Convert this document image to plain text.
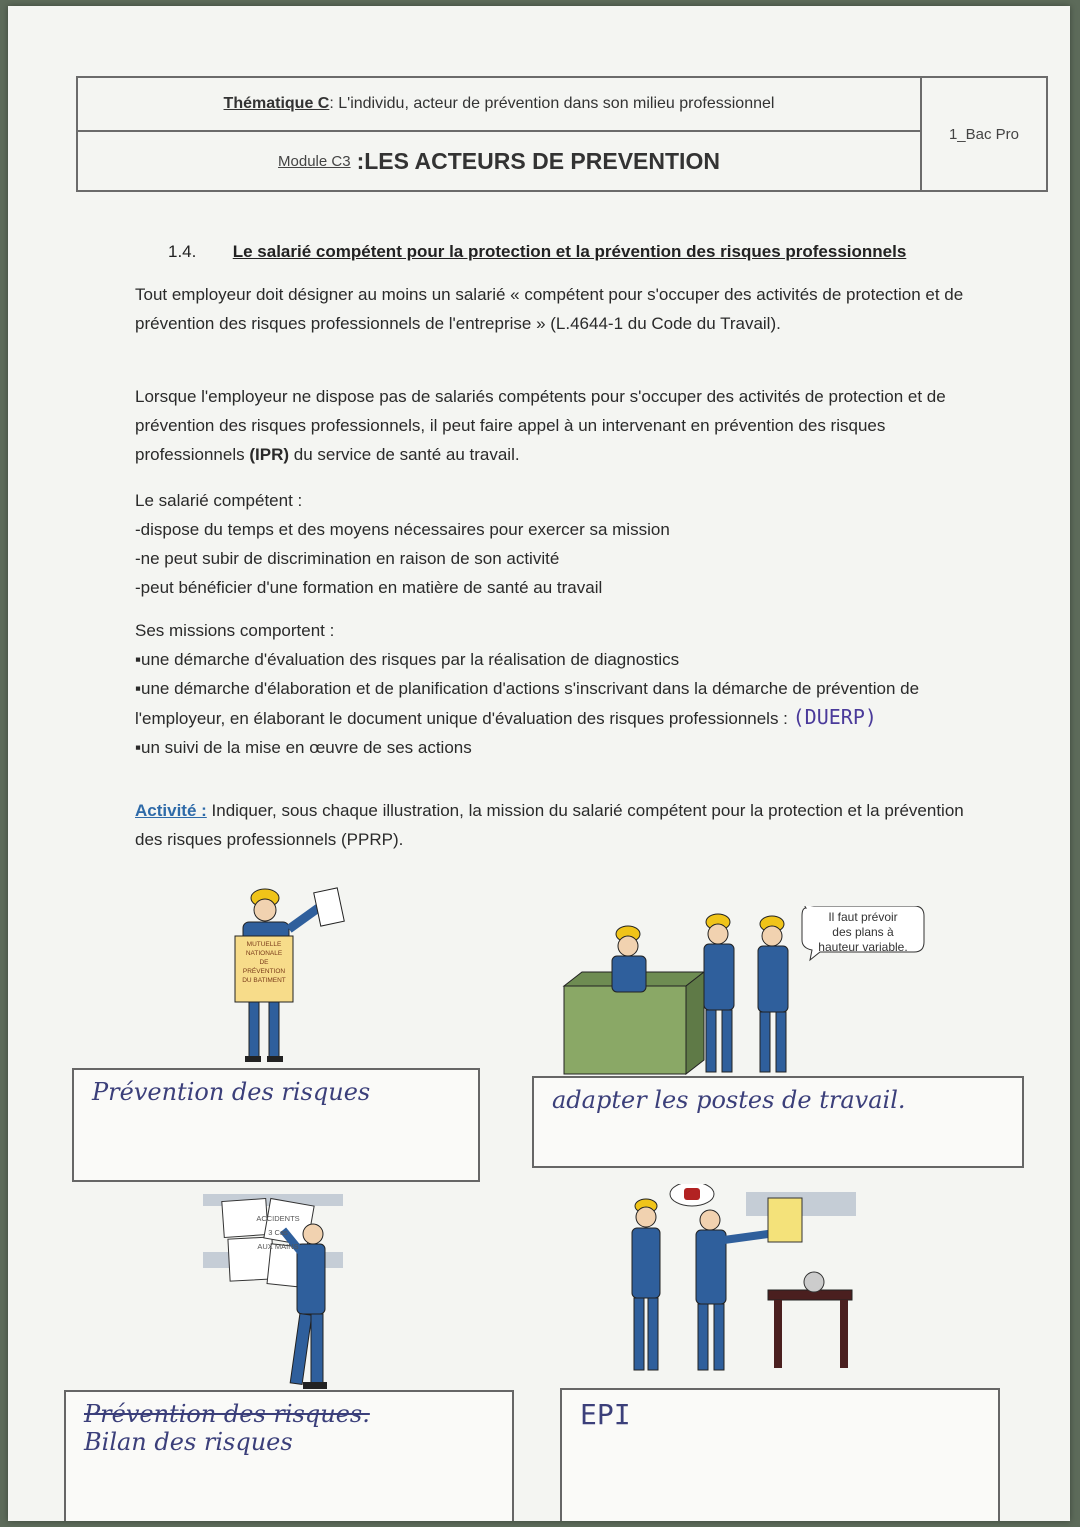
Thématique C : L'individu, acteur de prévention dans son milieu professionnel
Module C3 : LES ACTEURS DE PREVENTION
1_Bac Pro
1.4. Le salarié compétent pour la protection et la prévention des risques professionnels
Tout employeur doit désigner au moins un salarié « compétent pour s'occuper des activités de protection et de prévention des risques professionnels de l'entreprise » (L.4644-1 du Code du Travail).
Lorsque l'employeur ne dispose pas de salariés compétents pour s'occuper des activités de protection et de prévention des risques professionnels, il peut faire appel à un intervenant en prévention des risques professionnels (IPR) du service de santé au travail.
Le salarié compétent :
-dispose du temps et des moyens nécessaires pour exercer sa mission
-ne peut subir de discrimination en raison de son activité
-peut bénéficier d'une formation en matière de santé au travail
Ses missions comportent :
▪une démarche d'évaluation des risques par la réalisation de diagnostics
▪une démarche d'élaboration et de planification d'actions s'inscrivant dans la démarche de prévention de l'employeur, en élaborant le document unique d'évaluation des risques professionnels : (DUERP)
▪un suivi de la mise en œuvre de ses actions
Activité : Indiquer, sous chaque illustration, la mission du salarié compétent pour la protection et la prévention des risques professionnels (PPRP).
MUTUELLE
NATIONALE
DE
PRÉVENTION
DU BATIMENT
Il faut prévoir
des plans à
hauteur variable.
Prévention des risques	adapter les postes de travail.
ACCIDENTS
3 Cas
AUX MAINS
Prévention des risques.
Bilan des risques
EPI
